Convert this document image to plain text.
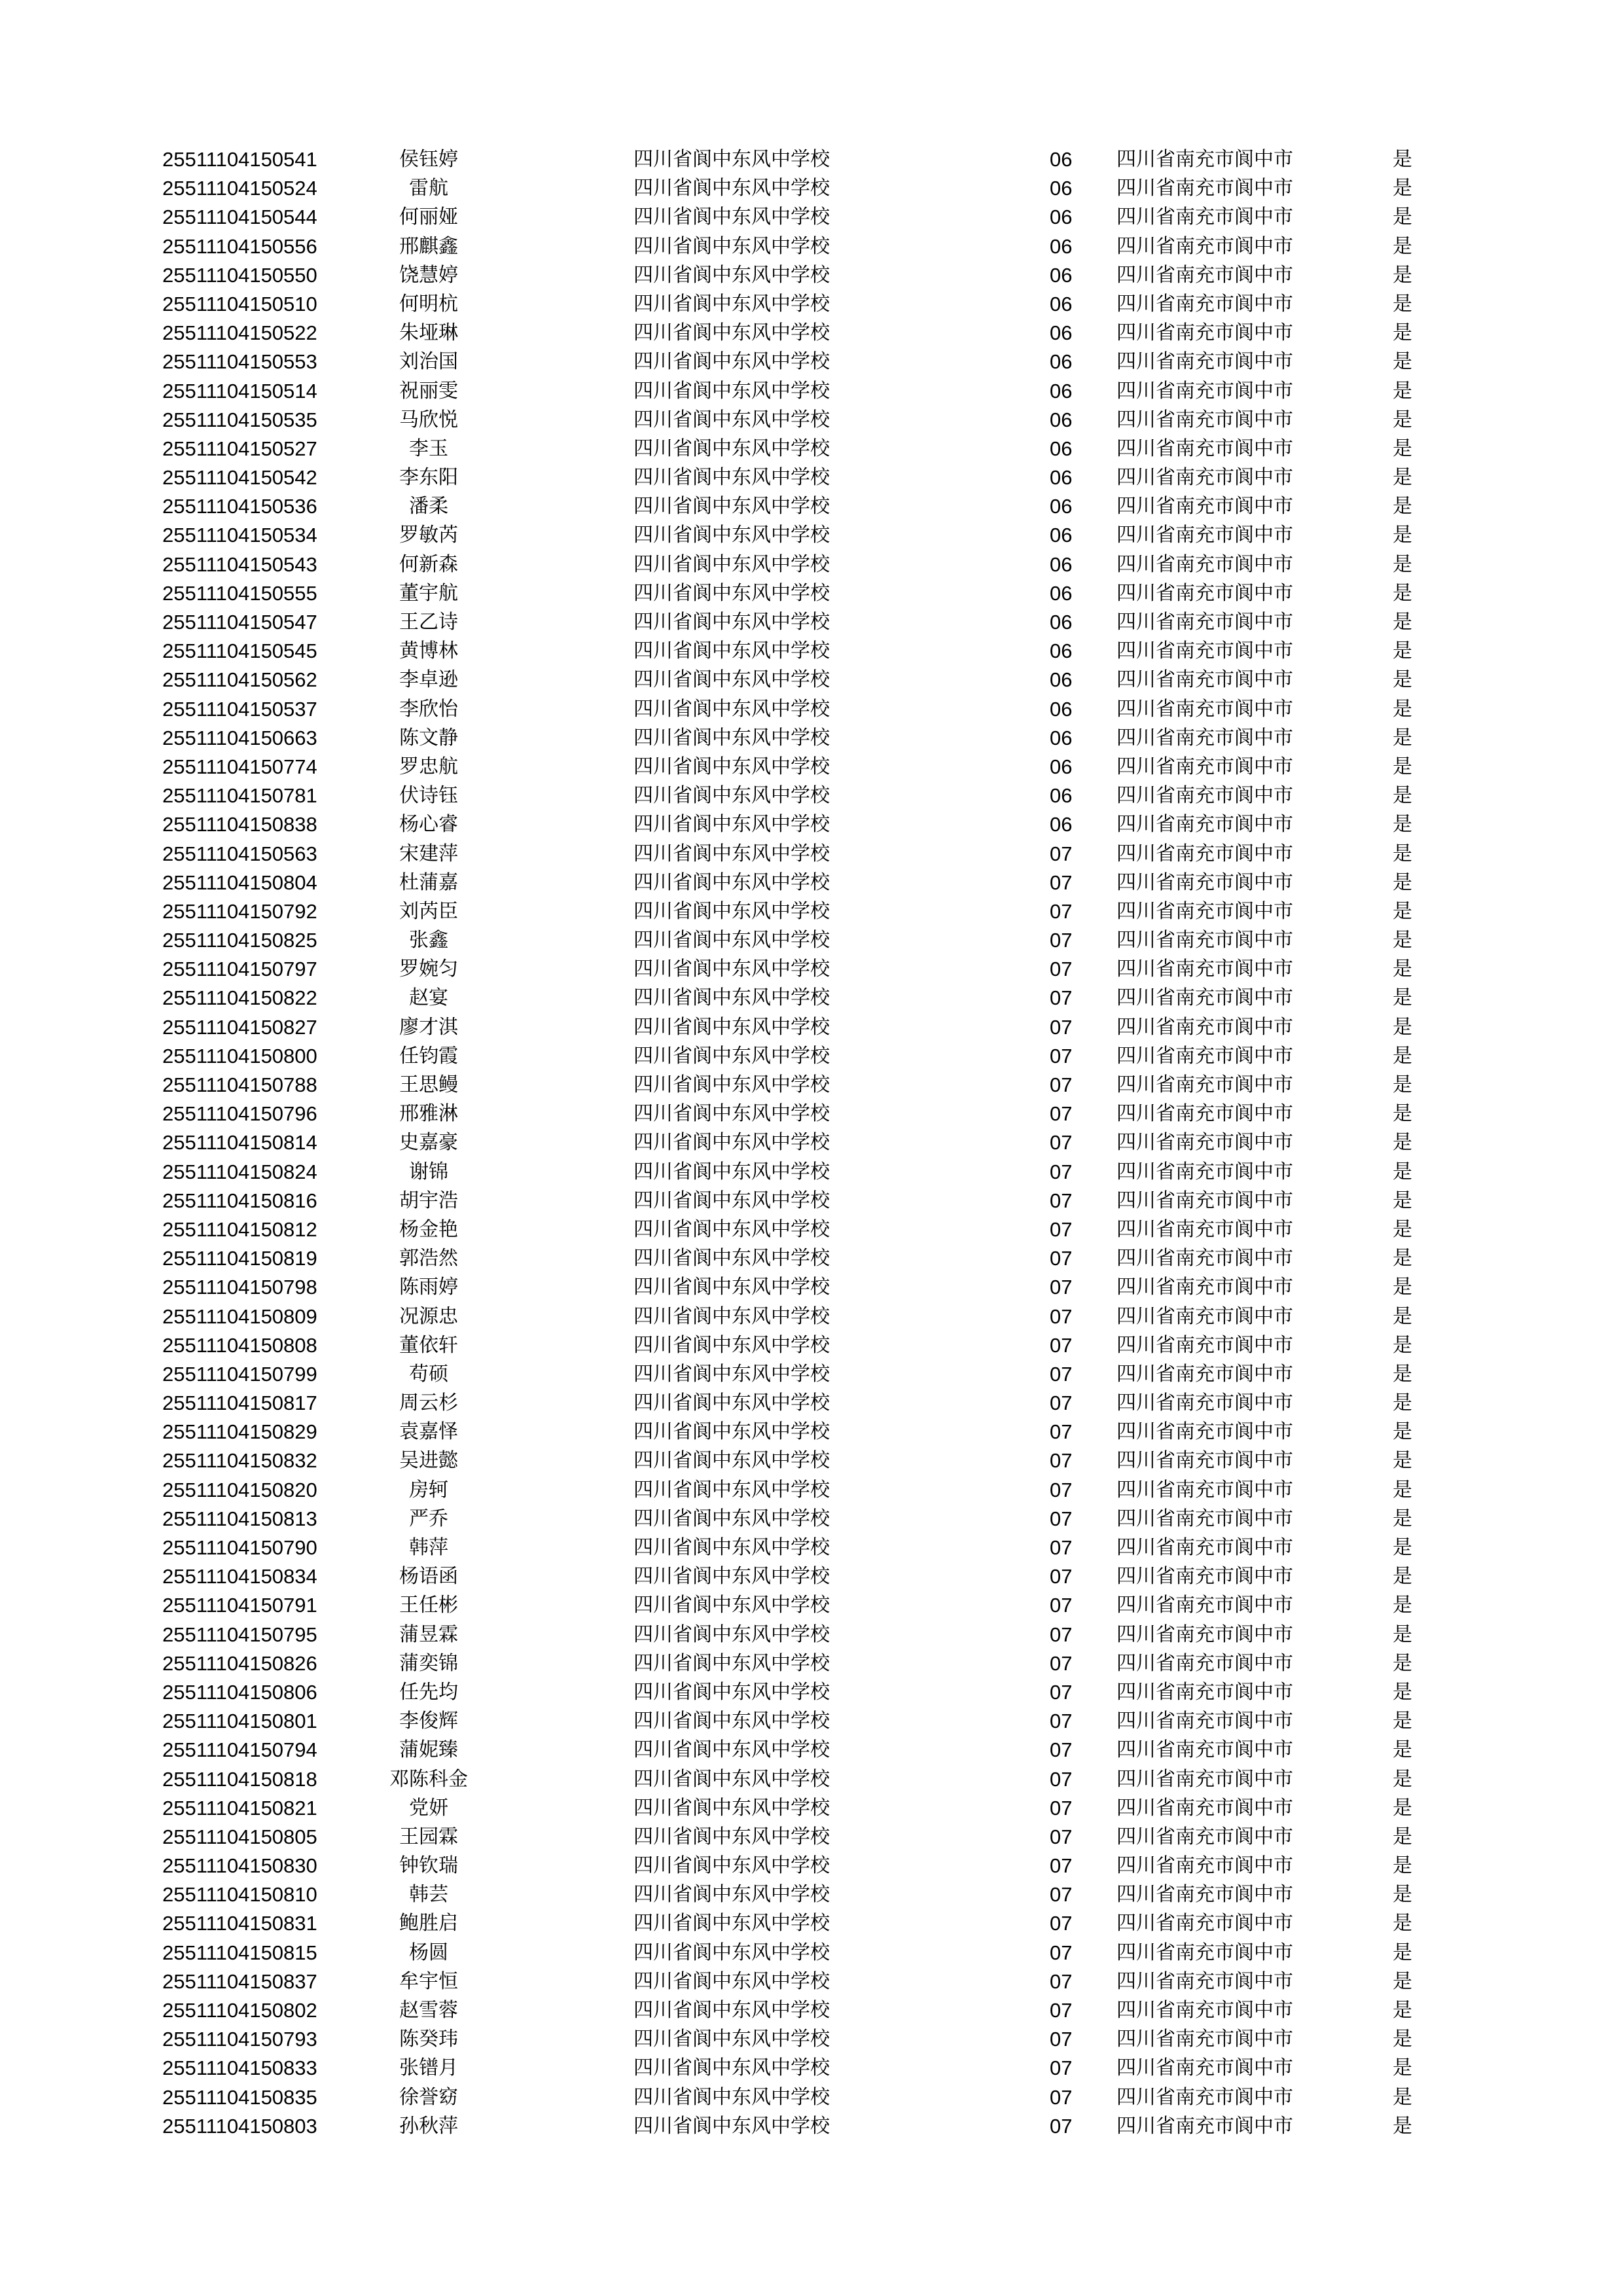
25511104150541	侯钰婷	四川省阆中东风中学校	06 四川省南充市阆中市	是
25511104150524	雷航	四川省阆中东风中学校	06 四川省南充市阆中市	是
25511104150544	何丽娅	四川省阆中东风中学校	06 四川省南充市阆中市	是
25511104150556	邢麒鑫	四川省阆中东风中学校	06 四川省南充市阆中市	是
25511104150550	饶慧婷	四川省阆中东风中学校	06 四川省南充市阆中市	是
25511104150510	何明杭	四川省阆中东风中学校	06 四川省南充市阆中市	是
25511104150522	朱垭琳	四川省阆中东风中学校	06 四川省南充市阆中市	是
25511104150553	刘治国	四川省阆中东风中学校	06 四川省南充市阆中市	是
25511104150514	祝丽雯	四川省阆中东风中学校	06 四川省南充市阆中市	是
25511104150535	马欣悦	四川省阆中东风中学校	06 四川省南充市阆中市	是
25511104150527	李玉	四川省阆中东风中学校	06 四川省南充市阆中市	是
25511104150542	李东阳	四川省阆中东风中学校	06 四川省南充市阆中市	是
25511104150536	潘柔	四川省阆中东风中学校	06 四川省南充市阆中市	是
25511104150534	罗敏芮	四川省阆中东风中学校	06 四川省南充市阆中市	是
25511104150543	何新森	四川省阆中东风中学校	06 四川省南充市阆中市	是
25511104150555	董宇航	四川省阆中东风中学校	06 四川省南充市阆中市	是
25511104150547	王乙诗	四川省阆中东风中学校	06 四川省南充市阆中市	是
25511104150545	黄博林	四川省阆中东风中学校	06 四川省南充市阆中市	是
25511104150562	李卓逊	四川省阆中东风中学校	06 四川省南充市阆中市	是
25511104150537	李欣怡	四川省阆中东风中学校	06 四川省南充市阆中市	是
25511104150663	陈文静	四川省阆中东风中学校	06 四川省南充市阆中市	是
25511104150774	罗忠航	四川省阆中东风中学校	06 四川省南充市阆中市	是
25511104150781	伏诗钰	四川省阆中东风中学校	06 四川省南充市阆中市	是
25511104150838	杨心睿	四川省阆中东风中学校	06 四川省南充市阆中市	是
25511104150563	宋建萍	四川省阆中东风中学校	07 四川省南充市阆中市	是
25511104150804	杜蒲嘉	四川省阆中东风中学校	07 四川省南充市阆中市	是
25511104150792	刘芮臣	四川省阆中东风中学校	07 四川省南充市阆中市	是
25511104150825	张鑫	四川省阆中东风中学校	07 四川省南充市阆中市	是
25511104150797	罗婉匀	四川省阆中东风中学校	07 四川省南充市阆中市	是
25511104150822	赵宴	四川省阆中东风中学校	07 四川省南充市阆中市	是
25511104150827	廖才淇	四川省阆中东风中学校	07 四川省南充市阆中市	是
25511104150800	任钧霞	四川省阆中东风中学校	07 四川省南充市阆中市	是
25511104150788	王思鳗	四川省阆中东风中学校	07 四川省南充市阆中市	是
25511104150796	邢雅淋	四川省阆中东风中学校	07 四川省南充市阆中市	是
25511104150814	史嘉豪	四川省阆中东风中学校	07 四川省南充市阆中市	是
25511104150824	谢锦	四川省阆中东风中学校	07 四川省南充市阆中市	是
25511104150816	胡宇浩	四川省阆中东风中学校	07 四川省南充市阆中市	是
25511104150812	杨金艳	四川省阆中东风中学校	07 四川省南充市阆中市	是
25511104150819	郭浩然	四川省阆中东风中学校	07 四川省南充市阆中市	是
25511104150798	陈雨婷	四川省阆中东风中学校	07 四川省南充市阆中市	是
25511104150809	况源忠	四川省阆中东风中学校	07 四川省南充市阆中市	是
25511104150808	董依轩	四川省阆中东风中学校	07 四川省南充市阆中市	是
25511104150799	苟硕	四川省阆中东风中学校	07 四川省南充市阆中市	是
25511104150817	周云杉	四川省阆中东风中学校	07 四川省南充市阆中市	是
25511104150829	袁嘉怿	四川省阆中东风中学校	07 四川省南充市阆中市	是
25511104150832	吴进懿	四川省阆中东风中学校	07 四川省南充市阆中市	是
25511104150820	房轲	四川省阆中东风中学校	07 四川省南充市阆中市	是
25511104150813	严乔	四川省阆中东风中学校	07 四川省南充市阆中市	是
25511104150790	韩萍	四川省阆中东风中学校	07 四川省南充市阆中市	是
25511104150834	杨语函	四川省阆中东风中学校	07 四川省南充市阆中市	是
25511104150791	王任彬	四川省阆中东风中学校	07 四川省南充市阆中市	是
25511104150795	蒲昱霖	四川省阆中东风中学校	07 四川省南充市阆中市	是
25511104150826	蒲奕锦	四川省阆中东风中学校	07 四川省南充市阆中市	是
25511104150806	任先均	四川省阆中东风中学校	07 四川省南充市阆中市	是
25511104150801	李俊辉	四川省阆中东风中学校	07 四川省南充市阆中市	是
25511104150794	蒲妮臻	四川省阆中东风中学校	07 四川省南充市阆中市	是
25511104150818	邓陈科金	四川省阆中东风中学校	07 四川省南充市阆中市	是
25511104150821	党妍	四川省阆中东风中学校	07 四川省南充市阆中市	是
25511104150805	王园霖	四川省阆中东风中学校	07 四川省南充市阆中市	是
25511104150830	钟钦瑞	四川省阆中东风中学校	07 四川省南充市阆中市	是
25511104150810	韩芸	四川省阆中东风中学校	07 四川省南充市阆中市	是
25511104150831	鲍胜启	四川省阆中东风中学校	07 四川省南充市阆中市	是
25511104150815	杨圆	四川省阆中东风中学校	07 四川省南充市阆中市	是
25511104150837	牟宇恒	四川省阆中东风中学校	07 四川省南充市阆中市	是
25511104150802	赵雪蓉	四川省阆中东风中学校	07 四川省南充市阆中市	是
25511104150793	陈癸玮	四川省阆中东风中学校	07 四川省南充市阆中市	是
25511104150833	张镨月	四川省阆中东风中学校	07 四川省南充市阆中市	是
25511104150835	徐誉窈	四川省阆中东风中学校	07 四川省南充市阆中市	是
25511104150803	孙秋萍	四川省阆中东风中学校	07 四川省南充市阆中市	是
